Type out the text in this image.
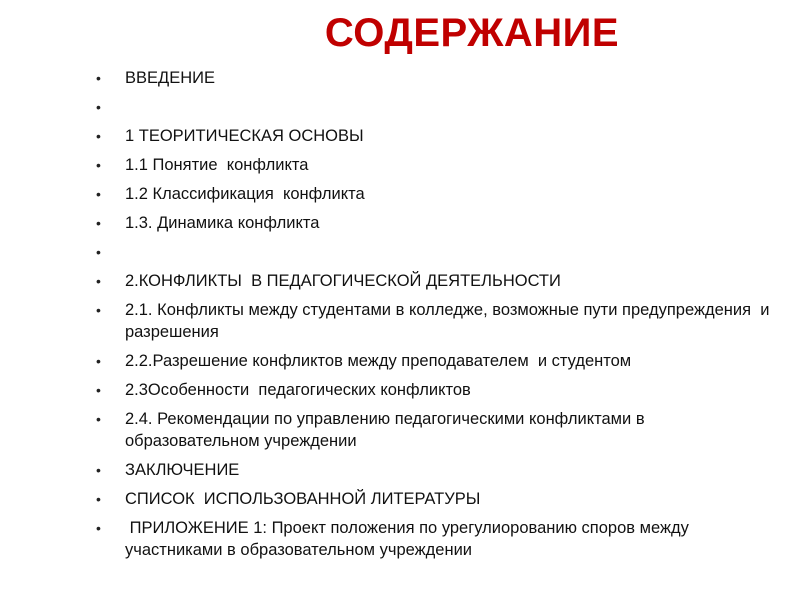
СОДЕРЖАНИЕ
•	ВВЕДЕНИЕ
•
•	1 ТЕОРИТИЧЕСКАЯ ОСНОВЫ
•	1.1 Понятие  конфликта
•	1.2 Классификация  конфликта
•	1.3. Динамика конфликта
•
•	2.КОНФЛИКТЫ  В ПЕДАГОГИЧЕСКОЙ ДЕЯТЕЛЬНОСТИ
•	2.1. Конфликты между студентами в колледже, возможные пути предупреждения  и разрешения
•	2.2.Разрешение конфликтов между преподавателем  и студентом
•	2.3Особенности  педагогических конфликтов
•	2.4. Рекомендации по управлению педагогическими конфликтами в образовательном учреждении
•	ЗАКЛЮЧЕНИЕ
•	СПИСОК  ИСПОЛЬЗОВАННОЙ ЛИТЕРАТУРЫ
•	ПРИЛОЖЕНИЕ 1: Проект положения по урегулиорованию споров между участниками в образовательном учреждении
